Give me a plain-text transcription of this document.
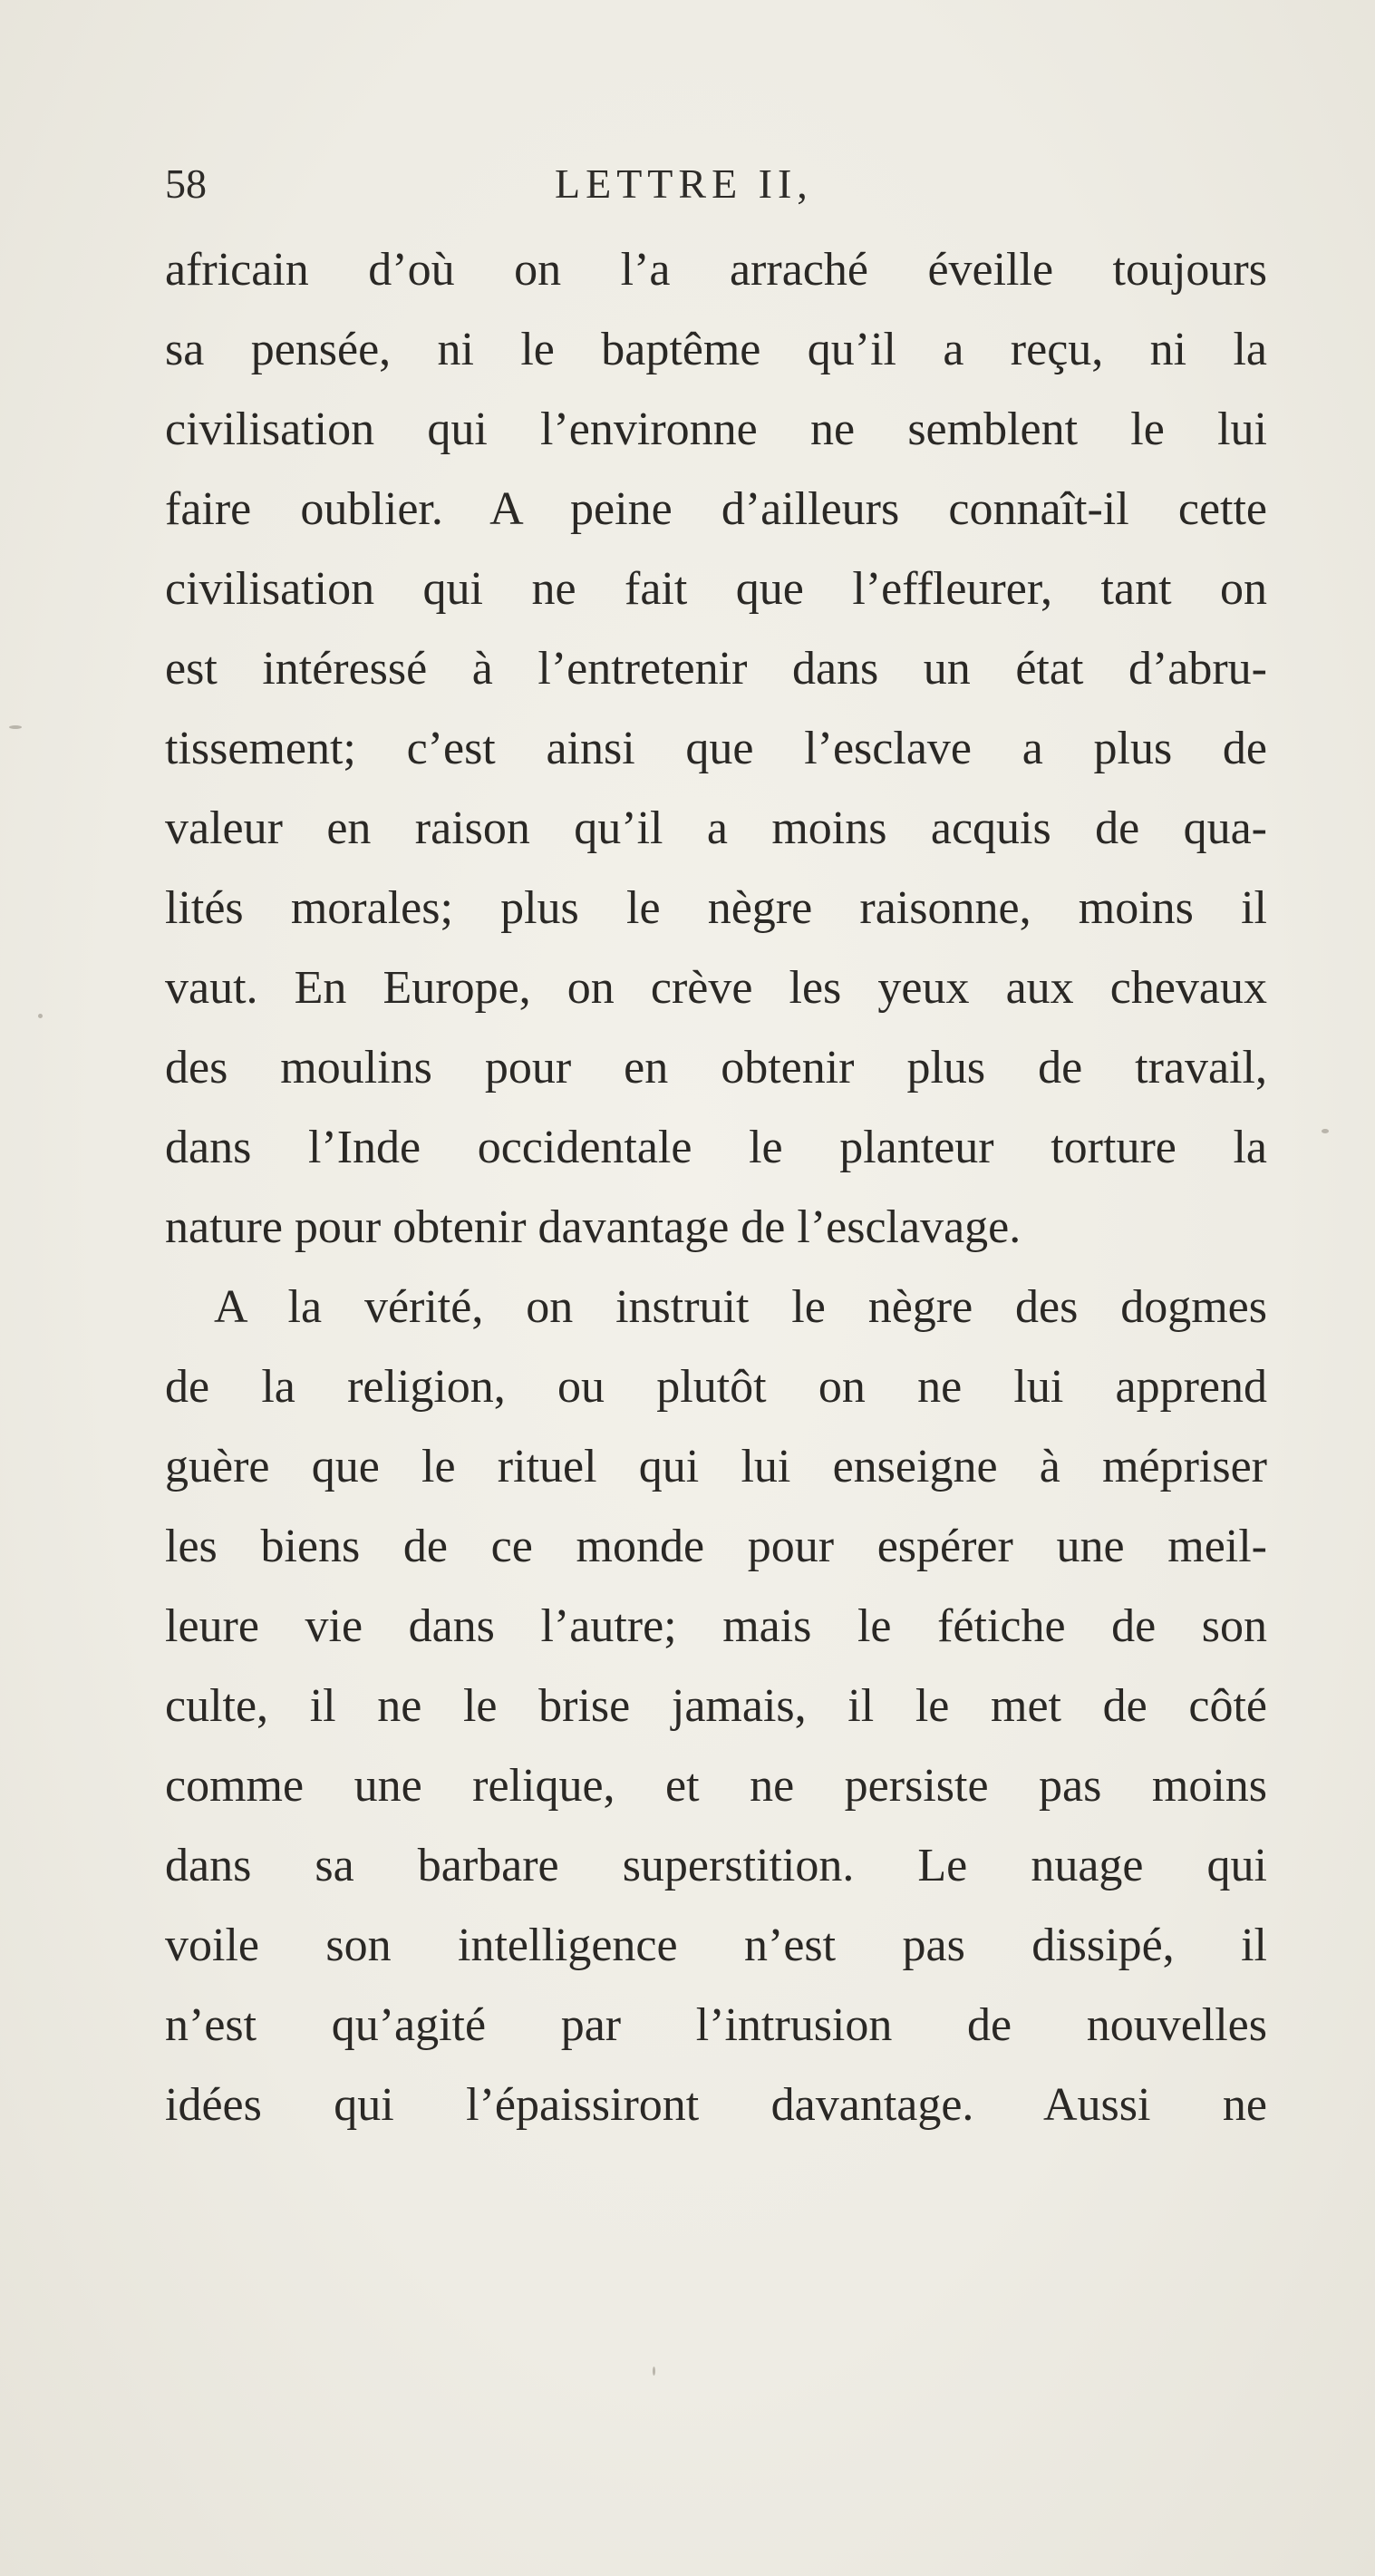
58	LETTRE II,
africain d’où on l’a arraché éveille toujours
sa pensée, ni le baptême qu’il a reçu, ni la
civilisation qui l’environne ne semblent le lui
faire oublier. A peine d’ailleurs connaît-il cette
civilisation qui ne fait que l’effleurer, tant on
est intéressé à l’entretenir dans un état d’abru-
tissement; c’est ainsi que l’esclave a plus de
valeur en raison qu’il a moins acquis de qua-
lités morales; plus le nègre raisonne, moins il
vaut. En Europe, on crève les yeux aux chevaux
des moulins pour en obtenir plus de travail,
dans l’Inde occidentale le planteur torture la
nature pour obtenir davantage de l’esclavage.
A la vérité, on instruit le nègre des dogmes
de la religion, ou plutôt on ne lui apprend
guère que le rituel qui lui enseigne à mépriser
les biens de ce monde pour espérer une meil-
leure vie dans l’autre; mais le fétiche de son
culte, il ne le brise jamais, il le met de côté
comme une relique, et ne persiste pas moins
dans sa barbare superstition. Le nuage qui
voile son intelligence n’est pas dissipé, il
n’est qu’agité par l’intrusion de nouvelles
idées qui l’épaissiront davantage. Aussi ne
